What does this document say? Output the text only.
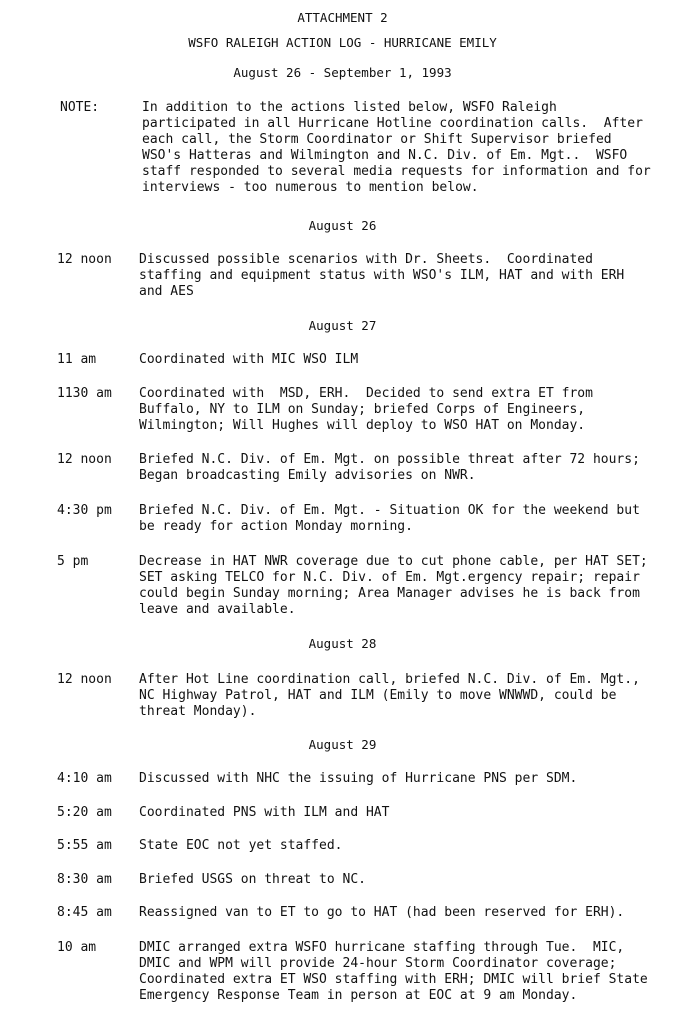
ATTACHMENT 2
WSFO RALEIGH ACTION LOG - HURRICANE EMILY
August 26 - September 1, 1993
NOTE:	In addition to the actions listed below, WSFO Raleigh
participated in all Hurricane Hotline coordination calls.  After
each call, the Storm Coordinator or Shift Supervisor briefed
WSO's Hatteras and Wilmington and N.C. Div. of Em. Mgt..  WSFO
staff responded to several media requests for information and for
interviews - too numerous to mention below.
August 26
12 noon Discussed possible scenarios with Dr. Sheets.  Coordinated
staffing and equipment status with WSO's ILM, HAT and with ERH
and AES
August 27
11 am	Coordinated with MIC WSO ILM
1130 am Coordinated with  MSD, ERH.  Decided to send extra ET from
Buffalo, NY to ILM on Sunday; briefed Corps of Engineers,
Wilmington; Will Hughes will deploy to WSO HAT on Monday.
12 noon Briefed N.C. Div. of Em. Mgt. on possible threat after 72 hours;
Began broadcasting Emily advisories on NWR.
4:30 pm Briefed N.C. Div. of Em. Mgt. - Situation OK for the weekend but
be ready for action Monday morning.
5 pm	Decrease in HAT NWR coverage due to cut phone cable, per HAT SET;
SET asking TELCO for N.C. Div. of Em. Mgt.ergency repair; repair
could begin Sunday morning; Area Manager advises he is back from
leave and available.
August 28
12 noon After Hot Line coordination call, briefed N.C. Div. of Em. Mgt.,
NC Highway Patrol, HAT and ILM (Emily to move WNWWD, could be
threat Monday).
August 29
4:10 am Discussed with NHC the issuing of Hurricane PNS per SDM.
5:20 am Coordinated PNS with ILM and HAT
5:55 am State EOC not yet staffed.
8:30 am Briefed USGS on threat to NC.
8:45 am Reassigned van to ET to go to HAT (had been reserved for ERH).
10 am	DMIC arranged extra WSFO hurricane staffing through Tue.  MIC,
DMIC and WPM will provide 24-hour Storm Coordinator coverage;
Coordinated extra ET WSO staffing with ERH; DMIC will brief State
Emergency Response Team in person at EOC at 9 am Monday.
